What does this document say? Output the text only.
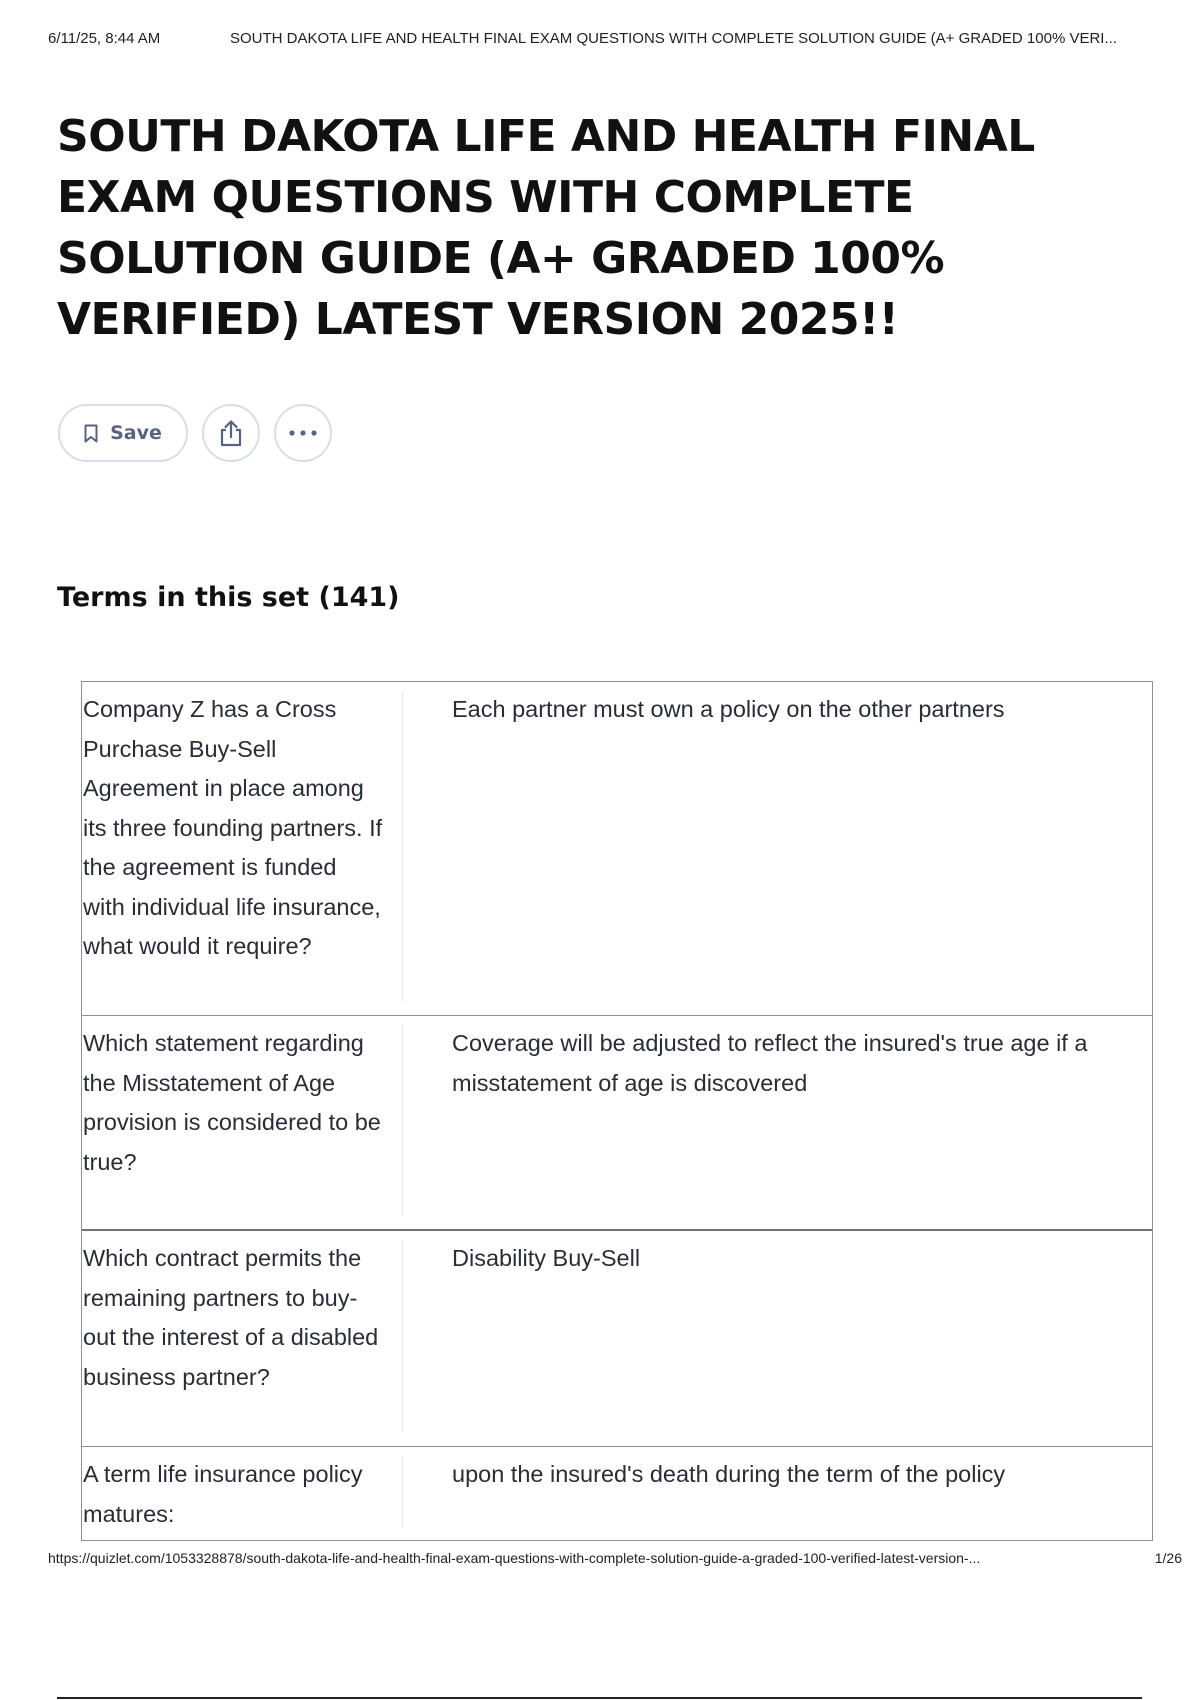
6/11/25, 8:44 AM	SOUTH DAKOTA LIFE AND HEALTH FINAL EXAM QUESTIONS WITH COMPLETE SOLUTION GUIDE (A+ GRADED 100% VERI...
SOUTH DAKOTA LIFE AND HEALTH FINAL EXAM QUESTIONS WITH COMPLETE SOLUTION GUIDE (A+ GRADED 100% VERIFIED) LATEST VERSION 2025!!
Save
Terms in this set (141)
Company Z has a Cross Purchase Buy-Sell Agreement in place among its three founding partners. If the agreement is funded with individual life insurance, what would it require?
Each partner must own a policy on the other partners
Which statement regarding the Misstatement of Age provision is considered to be true?
Coverage will be adjusted to reflect the insured's true age if a misstatement of age is discovered
Which contract permits the remaining partners to buy-out the interest of a disabled business partner?
Disability Buy-Sell
A term life insurance policy matures:
upon the insured's death during the term of the policy
https://quizlet.com/1053328878/south-dakota-life-and-health-final-exam-questions-with-complete-solution-guide-a-graded-100-verified-latest-version-...	1/26
